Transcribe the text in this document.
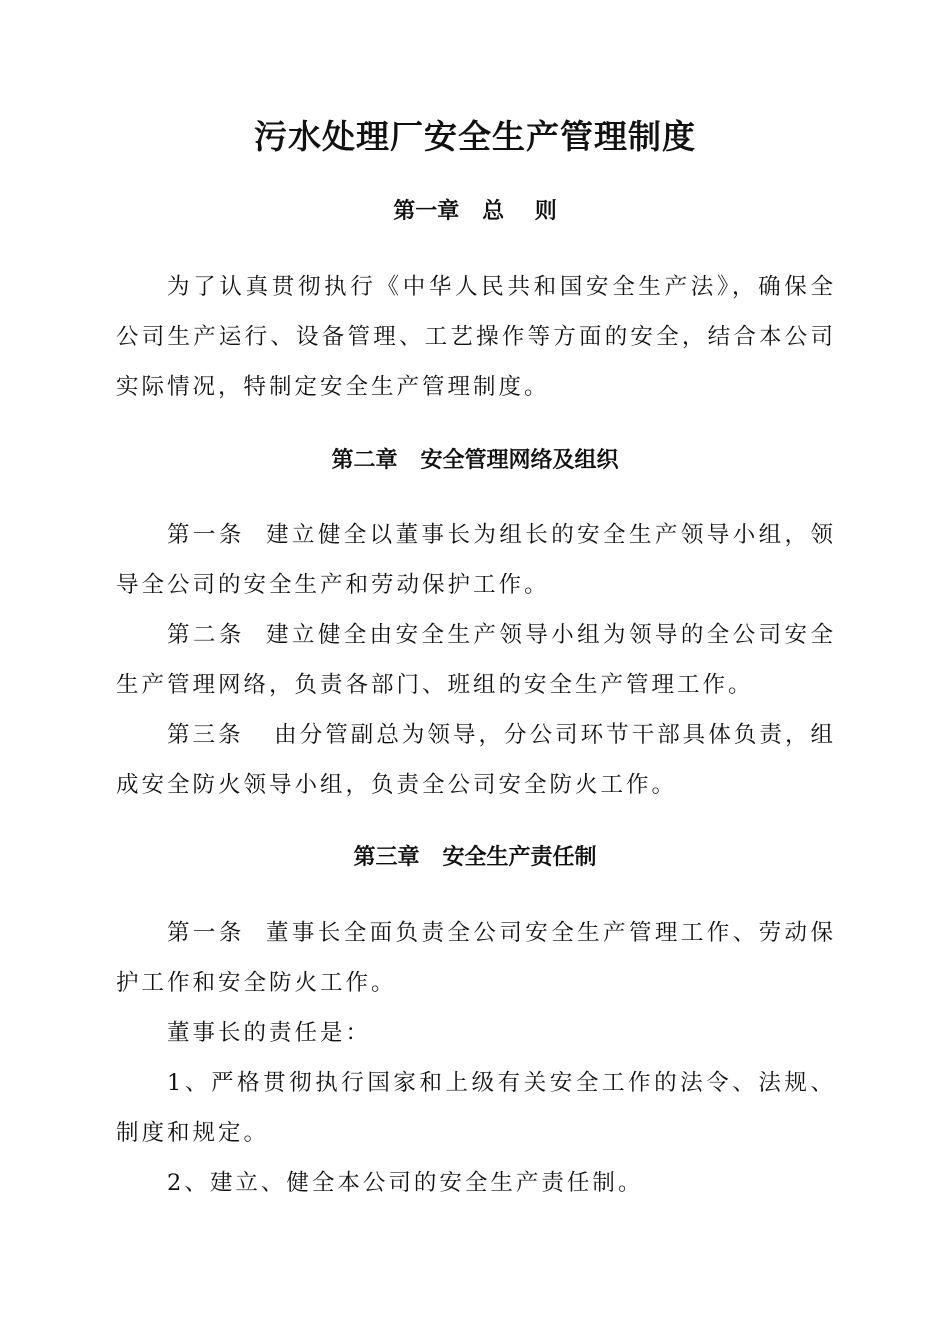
污水处理厂安全生产管理制度
第一章   总    则

为了认真贯彻执行《中华人民共和国安全生产法》，确保全公司生产运行、设备管理、工艺操作等方面的安全，结合本公司实际情况，特制定安全生产管理制度。

第二章   安全管理网络及组织

第一条  建立健全以董事长为组长的安全生产领导小组，领导全公司的安全生产和劳动保护工作。

第二条  建立健全由安全生产领导小组为领导的全公司安全生产管理网络，负责各部门、班组的安全生产管理工作。

第三条   由分管副总为领导，分公司环节干部具体负责，组成安全防火领导小组，负责全公司安全防火工作。

第三章   安全生产责任制

第一条  董事长全面负责全公司安全生产管理工作、劳动保护工作和安全防火工作。

董事长的责任是：

1、严格贯彻执行国家和上级有关安全工作的法令、法规、制度和规定。

2、建立、健全本公司的安全生产责任制。
